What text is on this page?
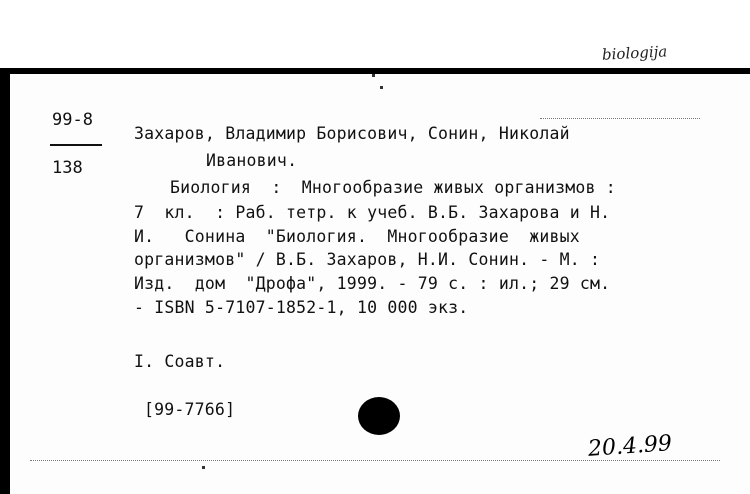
biologija
99-8
138
Захаров, Владимир Борисович, Сонин, Николай
Иванович.
Биология  :  Многообразие живых организмов :
7  кл.  : Раб. тетр. к учеб. В.Б. Захарова и Н.
И.   Сонина  "Биология.  Многообразие  живых
организмов" / В.Б. Захаров, Н.И. Сонин. - М. :
Изд.  дом  "Дрофа", 1999. - 79 с. : ил.; 29 см.
- ISBN 5-7107-1852-1, 10 000 экз.
I. Соавт.
[99-7766]
20.4.99
